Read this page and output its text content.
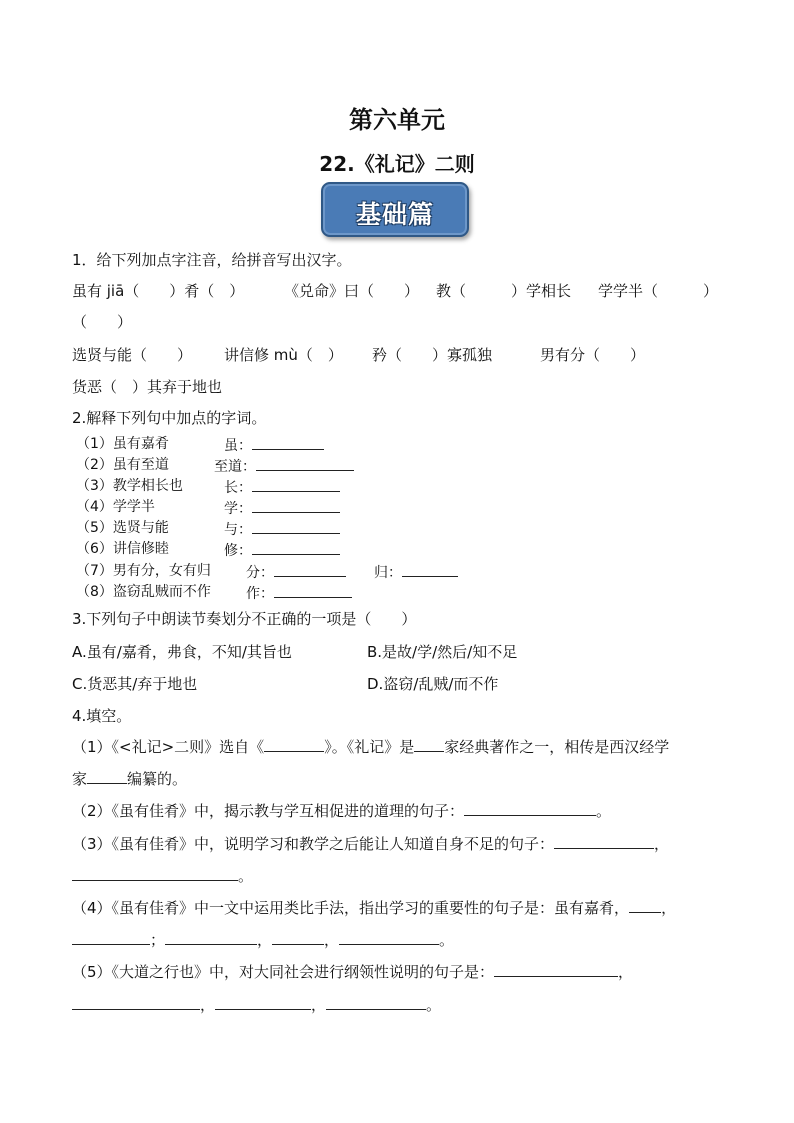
第六单元
22.《礼记》二则
基础篇
1．给下列加点字注音，给拼音写出汉字。
虽有 jiā（　　）肴（　）	《兑命》曰（　　） 教（　　　）学相长 学学半（　　　）
（　　）
选贤与能（　　） 讲信修 mù（　） 矜（　　）寡孤独	男有分（　　）
货恶（　）其弃于地也
2.解释下列句中加点的字词。
（1）虽有嘉肴	虽：
（2）虽有至道	至道：
（3）教学相长也	长：
（4）学学半	学：
（5）选贤与能	与：
（6）讲信修睦	修：
（7）男有分，女有归	分：	归：
（8）盗窃乱贼而不作	作：
3.下列句子中朗读节奏划分不正确的一项是（　　）
A.虽有/嘉肴，弗食，不知/其旨也	B.是故/学/然后/知不足
C.货恶其/弃于地也	D.盗窃/乱贼/而不作
4.填空。
（1）《<礼记>二则》选自《	》。《礼记》是 家经典著作之一，相传是西汉经学
家	编纂的。
（2）《虽有佳肴》中，揭示教与学互相促进的道理的句子：	。
（3）《虽有佳肴》中，说明学习和教学之后能让人知道自身不足的句子：	，
。
（4）《虽有佳肴》中一文中运用类比手法，指出学习的重要性的句子是：虽有嘉肴， ，
；	，	，	。
（5）《大道之行也》中，对大同社会进行纲领性说明的句子是：	，
，	，	。
